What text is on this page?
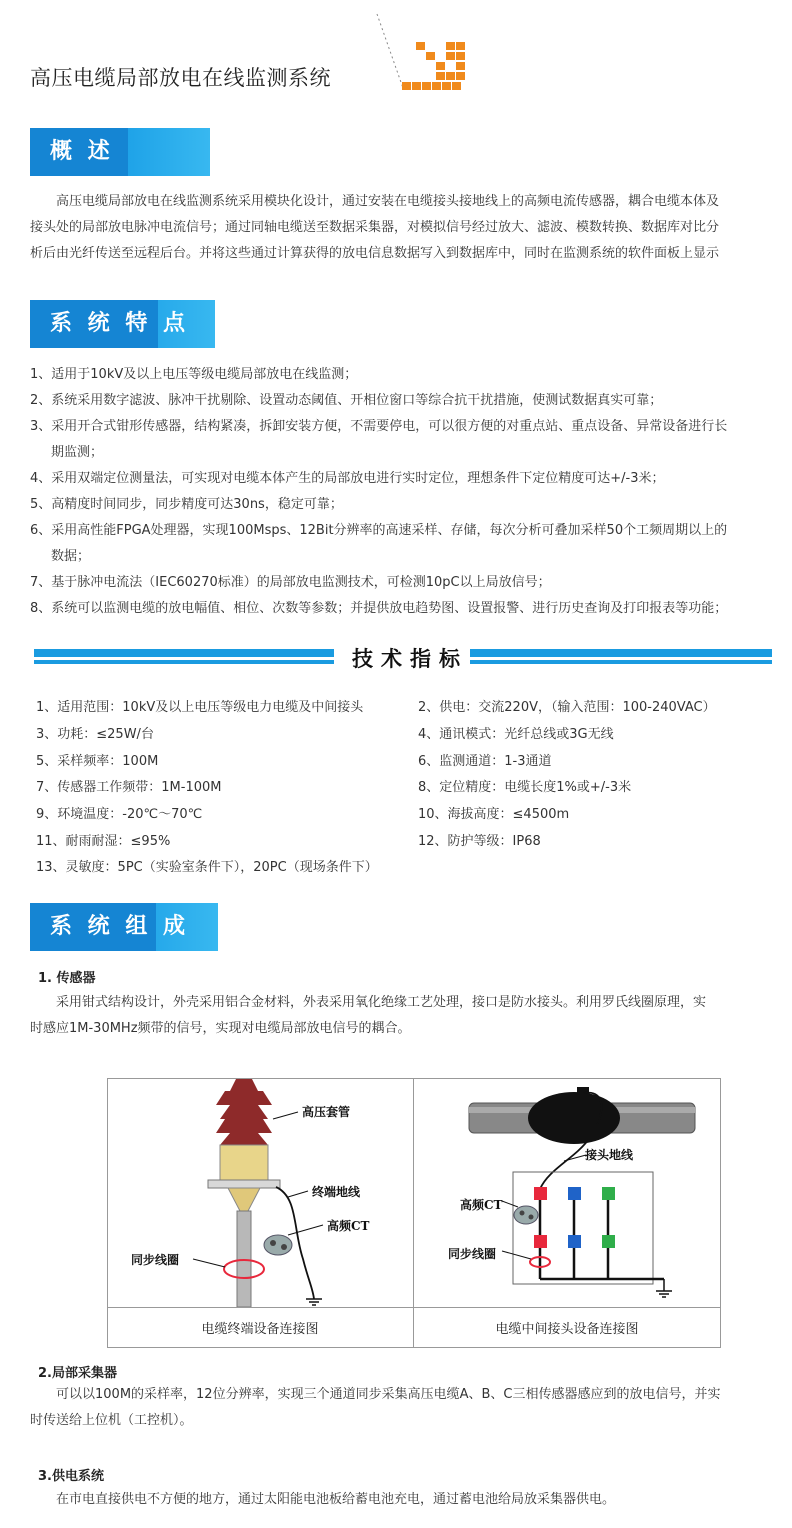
高压电缆局部放电在线监测系统
概 述
高压电缆局部放电在线监测系统采用模块化设计，通过安装在电缆接头接地线上的高频电流传感器，耦合电缆本体及
接头处的局部放电脉冲电流信号；通过同轴电缆送至数据采集器，对模拟信号经过放大、滤波、模数转换、数据库对比分
析后由光纤传送至远程后台。并将这些通过计算获得的放电信息数据写入到数据库中，同时在监测系统的软件面板上显示
系 统 特 点
1、适用于10kV及以上电压等级电缆局部放电在线监测；
2、系统采用数字滤波、脉冲干扰剔除、设置动态阈值、开相位窗口等综合抗干扰措施，使测试数据真实可靠；
3、采用开合式钳形传感器，结构紧凑，拆卸安装方便，不需要停电，可以很方便的对重点站、重点设备、异常设备进行长
期监测；
4、采用双端定位测量法，可实现对电缆本体产生的局部放电进行实时定位，理想条件下定位精度可达+/-3米；
5、高精度时间同步，同步精度可达30ns，稳定可靠；
6、采用高性能FPGA处理器，实现100Msps、12Bit分辨率的高速采样、存储，每次分析可叠加采样50个工频周期以上的
数据；
7、基于脉冲电流法（IEC60270标准）的局部放电监测技术，可检测10pC以上局放信号；
8、系统可以监测电缆的放电幅值、相位、次数等参数；并提供放电趋势图、设置报警、进行历史查询及打印报表等功能；
技术指标
1、适用范围：10kV及以上电压等级电力电缆及中间接头
3、功耗：≤25W/台
5、采样频率：100M
7、传感器工作频带：1M-100M
9、环境温度：-20℃～70℃
11、耐雨耐湿：≤95%
13、灵敏度：5PC（实验室条件下），20PC（现场条件下）
2、供电：交流220V，（输入范围：100-240VAC）
4、通讯模式：光纤总线或3G无线
6、监测通道：1-3通道
8、定位精度：电缆长度1%或+/-3米
10、海拔高度：≤4500m
12、防护等级：IP68
系 统 组 成
1. 传感器
采用钳式结构设计，外壳采用铝合金材料，外表采用氧化绝缘工艺处理，接口是防水接头。利用罗氏线圈原理，实
时感应1M-30MHz频带的信号，实现对电缆局部放电信号的耦合。
高压套管
终端地线
高频CT
同步线圈
电缆终端设备连接图
接头地线
高频CT
同步线圈
电缆中间接头设备连接图
2.局部采集器
可以以100M的采样率，12位分辨率，实现三个通道同步采集高压电缆A、B、C三相传感器感应到的放电信号，并实
时传送给上位机（工控机）。
3.供电系统
在市电直接供电不方便的地方，通过太阳能电池板给蓄电池充电，通过蓄电池给局放采集器供电。
